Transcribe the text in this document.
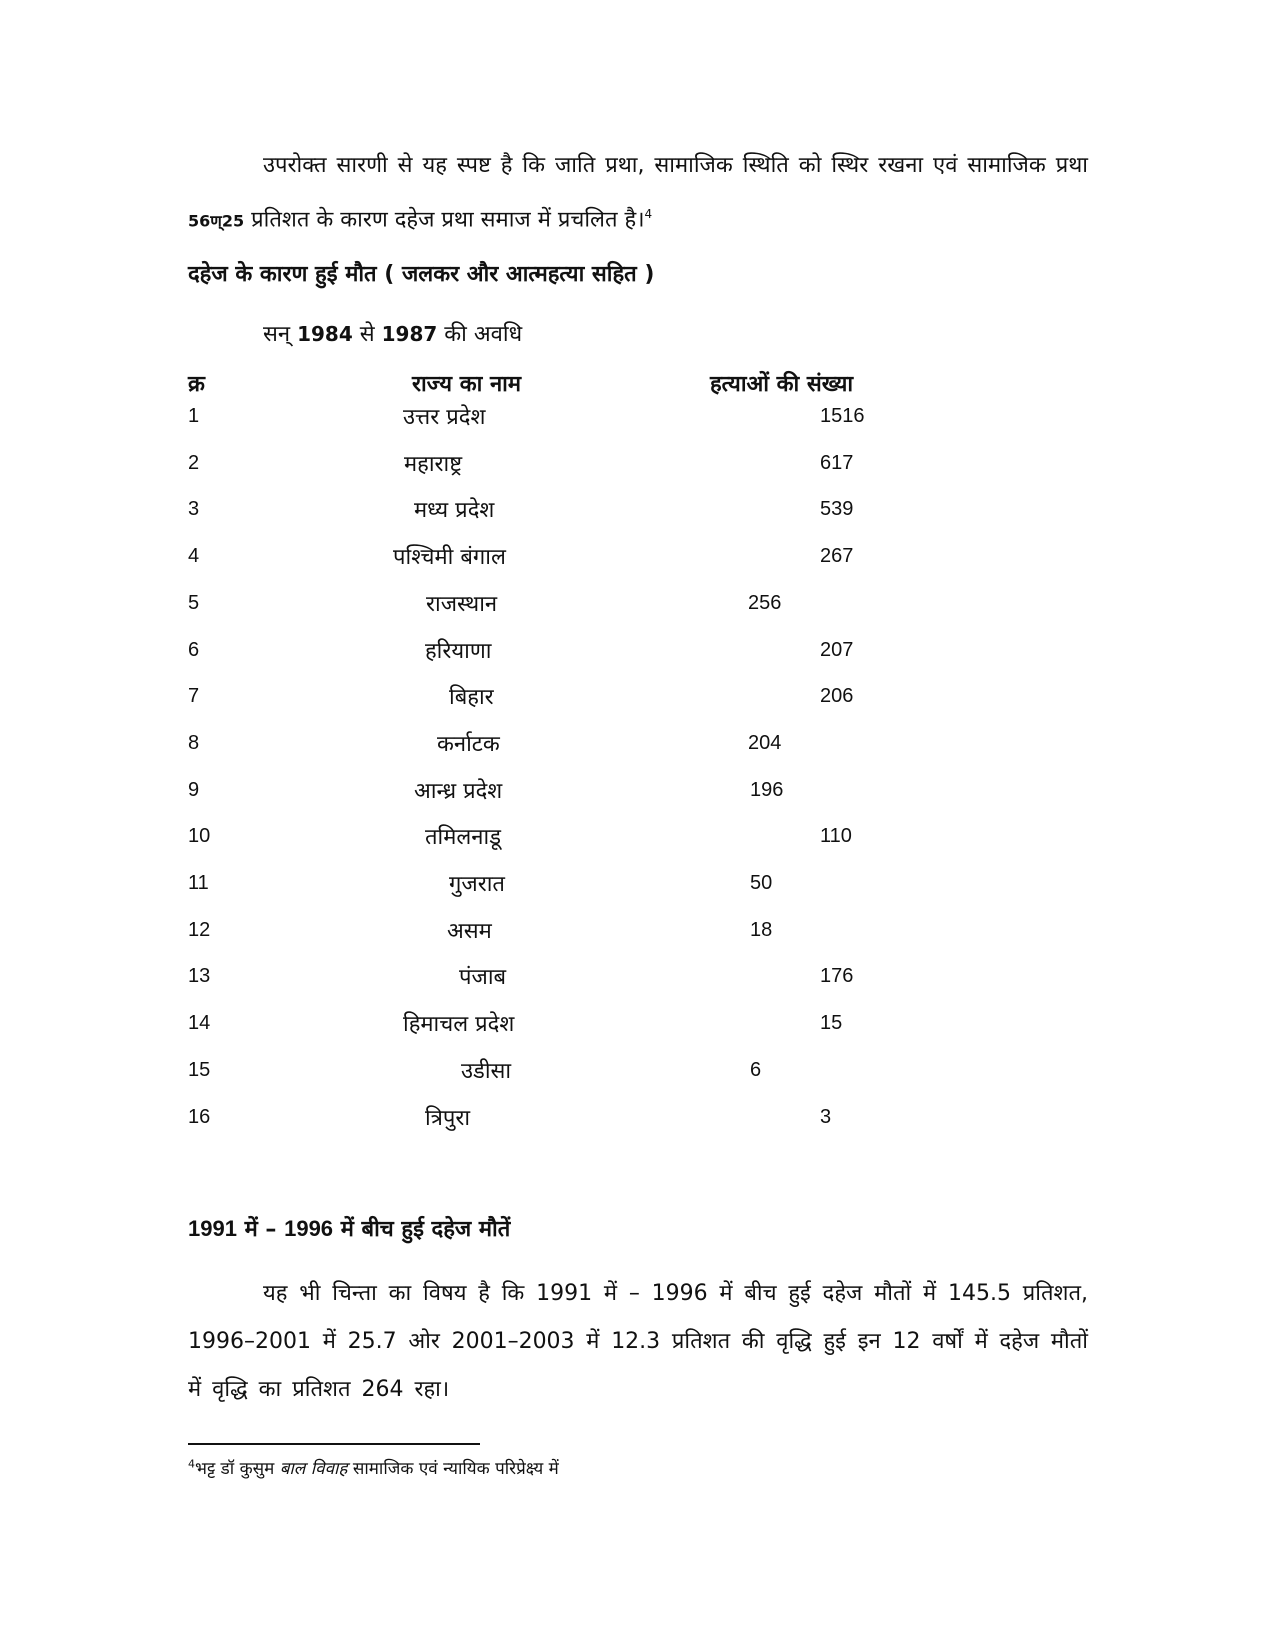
उपरोक्त सारणी से यह स्पष्ट है कि जाति प्रथा, सामाजिक स्थिति को स्थिर रखना एवं सामाजिक प्रथा 56ण्25 प्रतिशत के कारण दहेज प्रथा समाज में प्रचलित है।$^4$

दहेज के कारण हुई मौत ( जलकर और आत्महत्या सहित )
सन् 1984 से 1987 की अवधि
क्र	राज्य का नाम	हत्याओं की संख्या
1	उत्तर प्रदेश	1516
2	महाराष्ट्र	617
3	मध्य प्रदेश	539
4	पश्चिमी बंगाल	267
5	राजस्थान	256
6	हरियाणा	207
7	बिहार	206
8	कर्नाटक	204
9	आन्ध्र प्रदेश	196
10	तमिलनाडू	110
11	गुजरात	50
12	असम	18
13	पंजाब	176
14	हिमाचल प्रदेश	15
15	उडीसा	6
16	त्रिपुरा	3
1991 में – 1996 में बीच हुई दहेज मौतें

यह भी चिन्ता का विषय है कि 1991 में – 1996 में बीच हुई दहेज मौतों में 145.5 प्रतिशत, 1996–2001 में 25.7 ओर 2001–2003 में 12.3 प्रतिशत की वृद्धि हुई इन 12 वर्षों में दहेज मौतों में वृद्धि का प्रतिशत 264 रहा।

$^4$भट्ट डॉ कुसुम बाल विवाह सामाजिक एवं न्यायिक परिप्रेक्ष्य में
